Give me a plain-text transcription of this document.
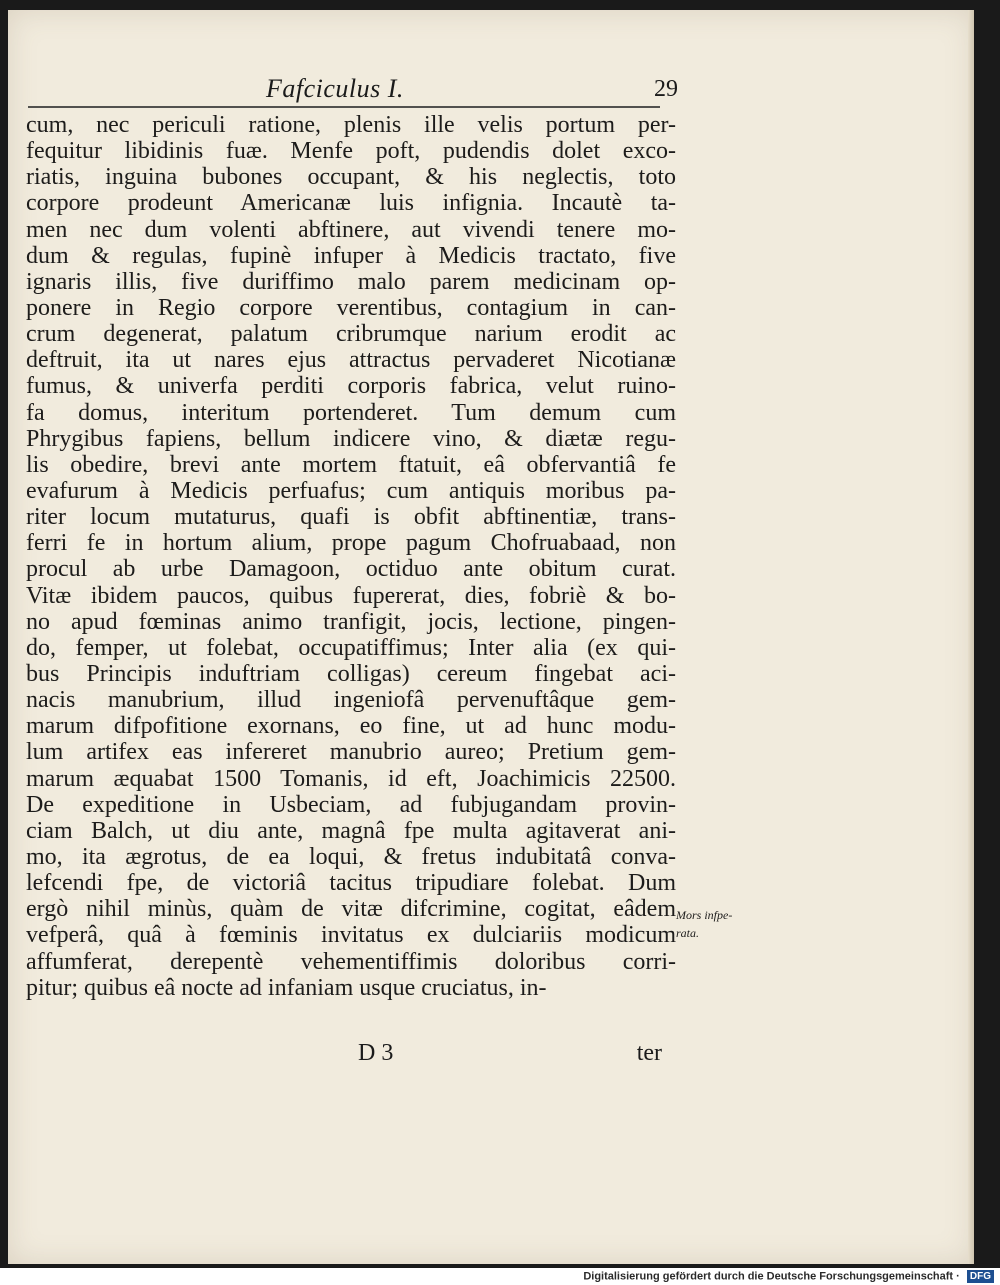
Fafciculus I.	29
cum, nec periculi ratione, plenis ille velis portum per-
fequitur libidinis fuæ. Menfe poft, pudendis dolet exco-
riatis, inguina bubones occupant, & his neglectis, toto
corpore prodeunt Americanæ luis infignia. Incautè ta-
men nec dum volenti abftinere, aut vivendi tenere mo-
dum & regulas, fupinè infuper à Medicis tractato, five
ignaris illis, five duriffimo malo parem medicinam op-
ponere in Regio corpore verentibus, contagium in can-
crum degenerat, palatum cribrumque narium erodit ac
deftruit, ita ut nares ejus attractus pervaderet Nicotianæ
fumus, & univerfa perditi corporis fabrica, velut ruino-
fa domus, interitum portenderet. Tum demum cum
Phrygibus fapiens, bellum indicere vino, & diætæ regu-
lis obedire, brevi ante mortem ftatuit, eâ obfervantiâ fe
evafurum à Medicis perfuafus; cum antiquis moribus pa-
riter locum mutaturus, quafi is obfit abftinentiæ, trans-
ferri fe in hortum alium, prope pagum Chofruabaad, non
procul ab urbe Damagoon, octiduo ante obitum curat.
Vitæ ibidem paucos, quibus fupererat, dies, fobriè & bo-
no apud fœminas animo tranfigit, jocis, lectione, pingen-
do, femper, ut folebat, occupatiffimus; Inter alia (ex qui-
bus Principis induftriam colligas) cereum fingebat aci-
nacis manubrium, illud ingeniofâ pervenuftâque gem-
marum difpofitione exornans, eo fine, ut ad hunc modu-
lum artifex eas infereret manubrio aureo; Pretium gem-
marum æquabat 1500 Tomanis, id eft, Joachimicis 22500.
De expeditione in Usbeciam, ad fubjugandam provin-
ciam Balch, ut diu ante, magnâ fpe multa agitaverat ani-
mo, ita ægrotus, de ea loqui, & fretus indubitatâ conva-
lefcendi fpe, de victoriâ tacitus tripudiare folebat. Dum
ergò nihil minùs, quàm de vitæ difcrimine, cogitat, eâdem
vefperâ, quâ à fœminis invitatus ex dulciariis modicum
affumferat, derepentè vehementiffimis doloribus corri-
pitur; quibus eâ nocte ad infaniam usque cruciatus, in-
Mors infpe-
rata.
D 3	ter
Digitalisierung gefördert durch die Deutsche Forschungsgemeinschaft · DFG
